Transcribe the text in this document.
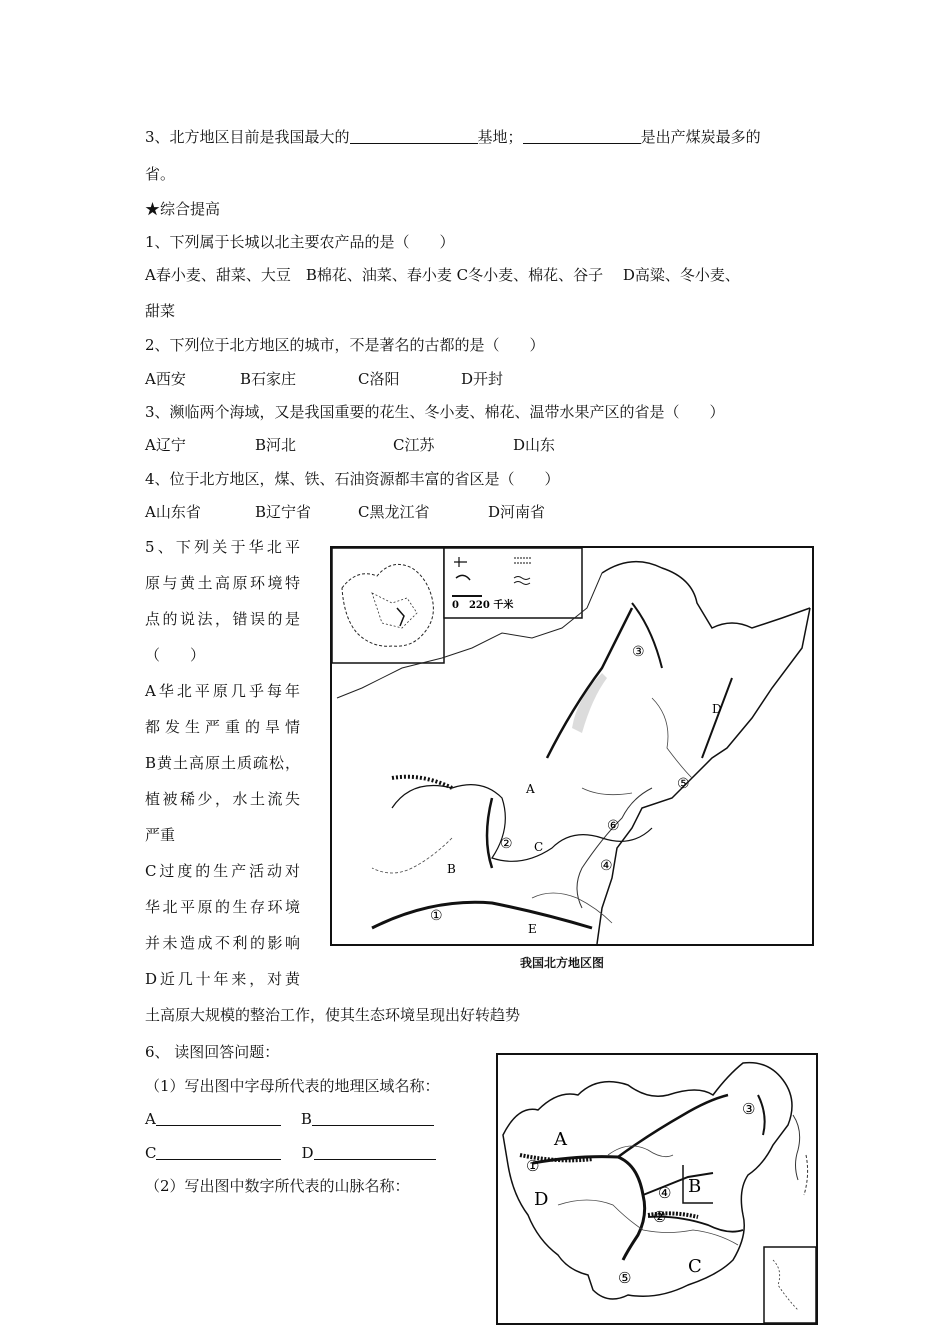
3、北方地区目前是我国最大的	基地；	是出产煤炭最多的
省。
★综合提高
1、下列属于长城以北主要农产品的是（　　）
A春小麦、甜菜、大豆　B棉花、油菜、春小麦 C冬小麦、棉花、谷子　 D高粱、冬小麦、
甜菜
2、下列位于北方地区的城市，不是著名的古都的是（　　）
A西安	B石家庄	C洛阳	D开封
3、濒临两个海域，又是我国重要的花生、冬小麦、棉花、温带水果产区的省是（　　）
A辽宁	B河北	C江苏	D山东
4、位于北方地区，煤、铁、石油资源都丰富的省区是（　　）
A山东省	B辽宁省	C黑龙江省	D河南省
5、下列关于华北平
原与黄土高原环境特
点的说法，错误的是
（　　）
A华北平原几乎每年
都发生严重的旱情
B黄土高原土质疏松，
植被稀少，水土流失
严重
C过度的生产活动对
华北平原的生存环境
并未造成不利的影响
D近几十年来，对黄
土高原大规模的整治工作，使其生态环境呈现出好转趋势
0　220 千米
A
B
C
D
E
①
②
③
④
⑤
⑥
我国北方地区图
6、 读图回答问题：
（1）写出图中字母所代表的地理区域名称：
A	B
C	D
（2）写出图中数字所代表的山脉名称：
A
B
C
D
①
②
③
④
⑤
